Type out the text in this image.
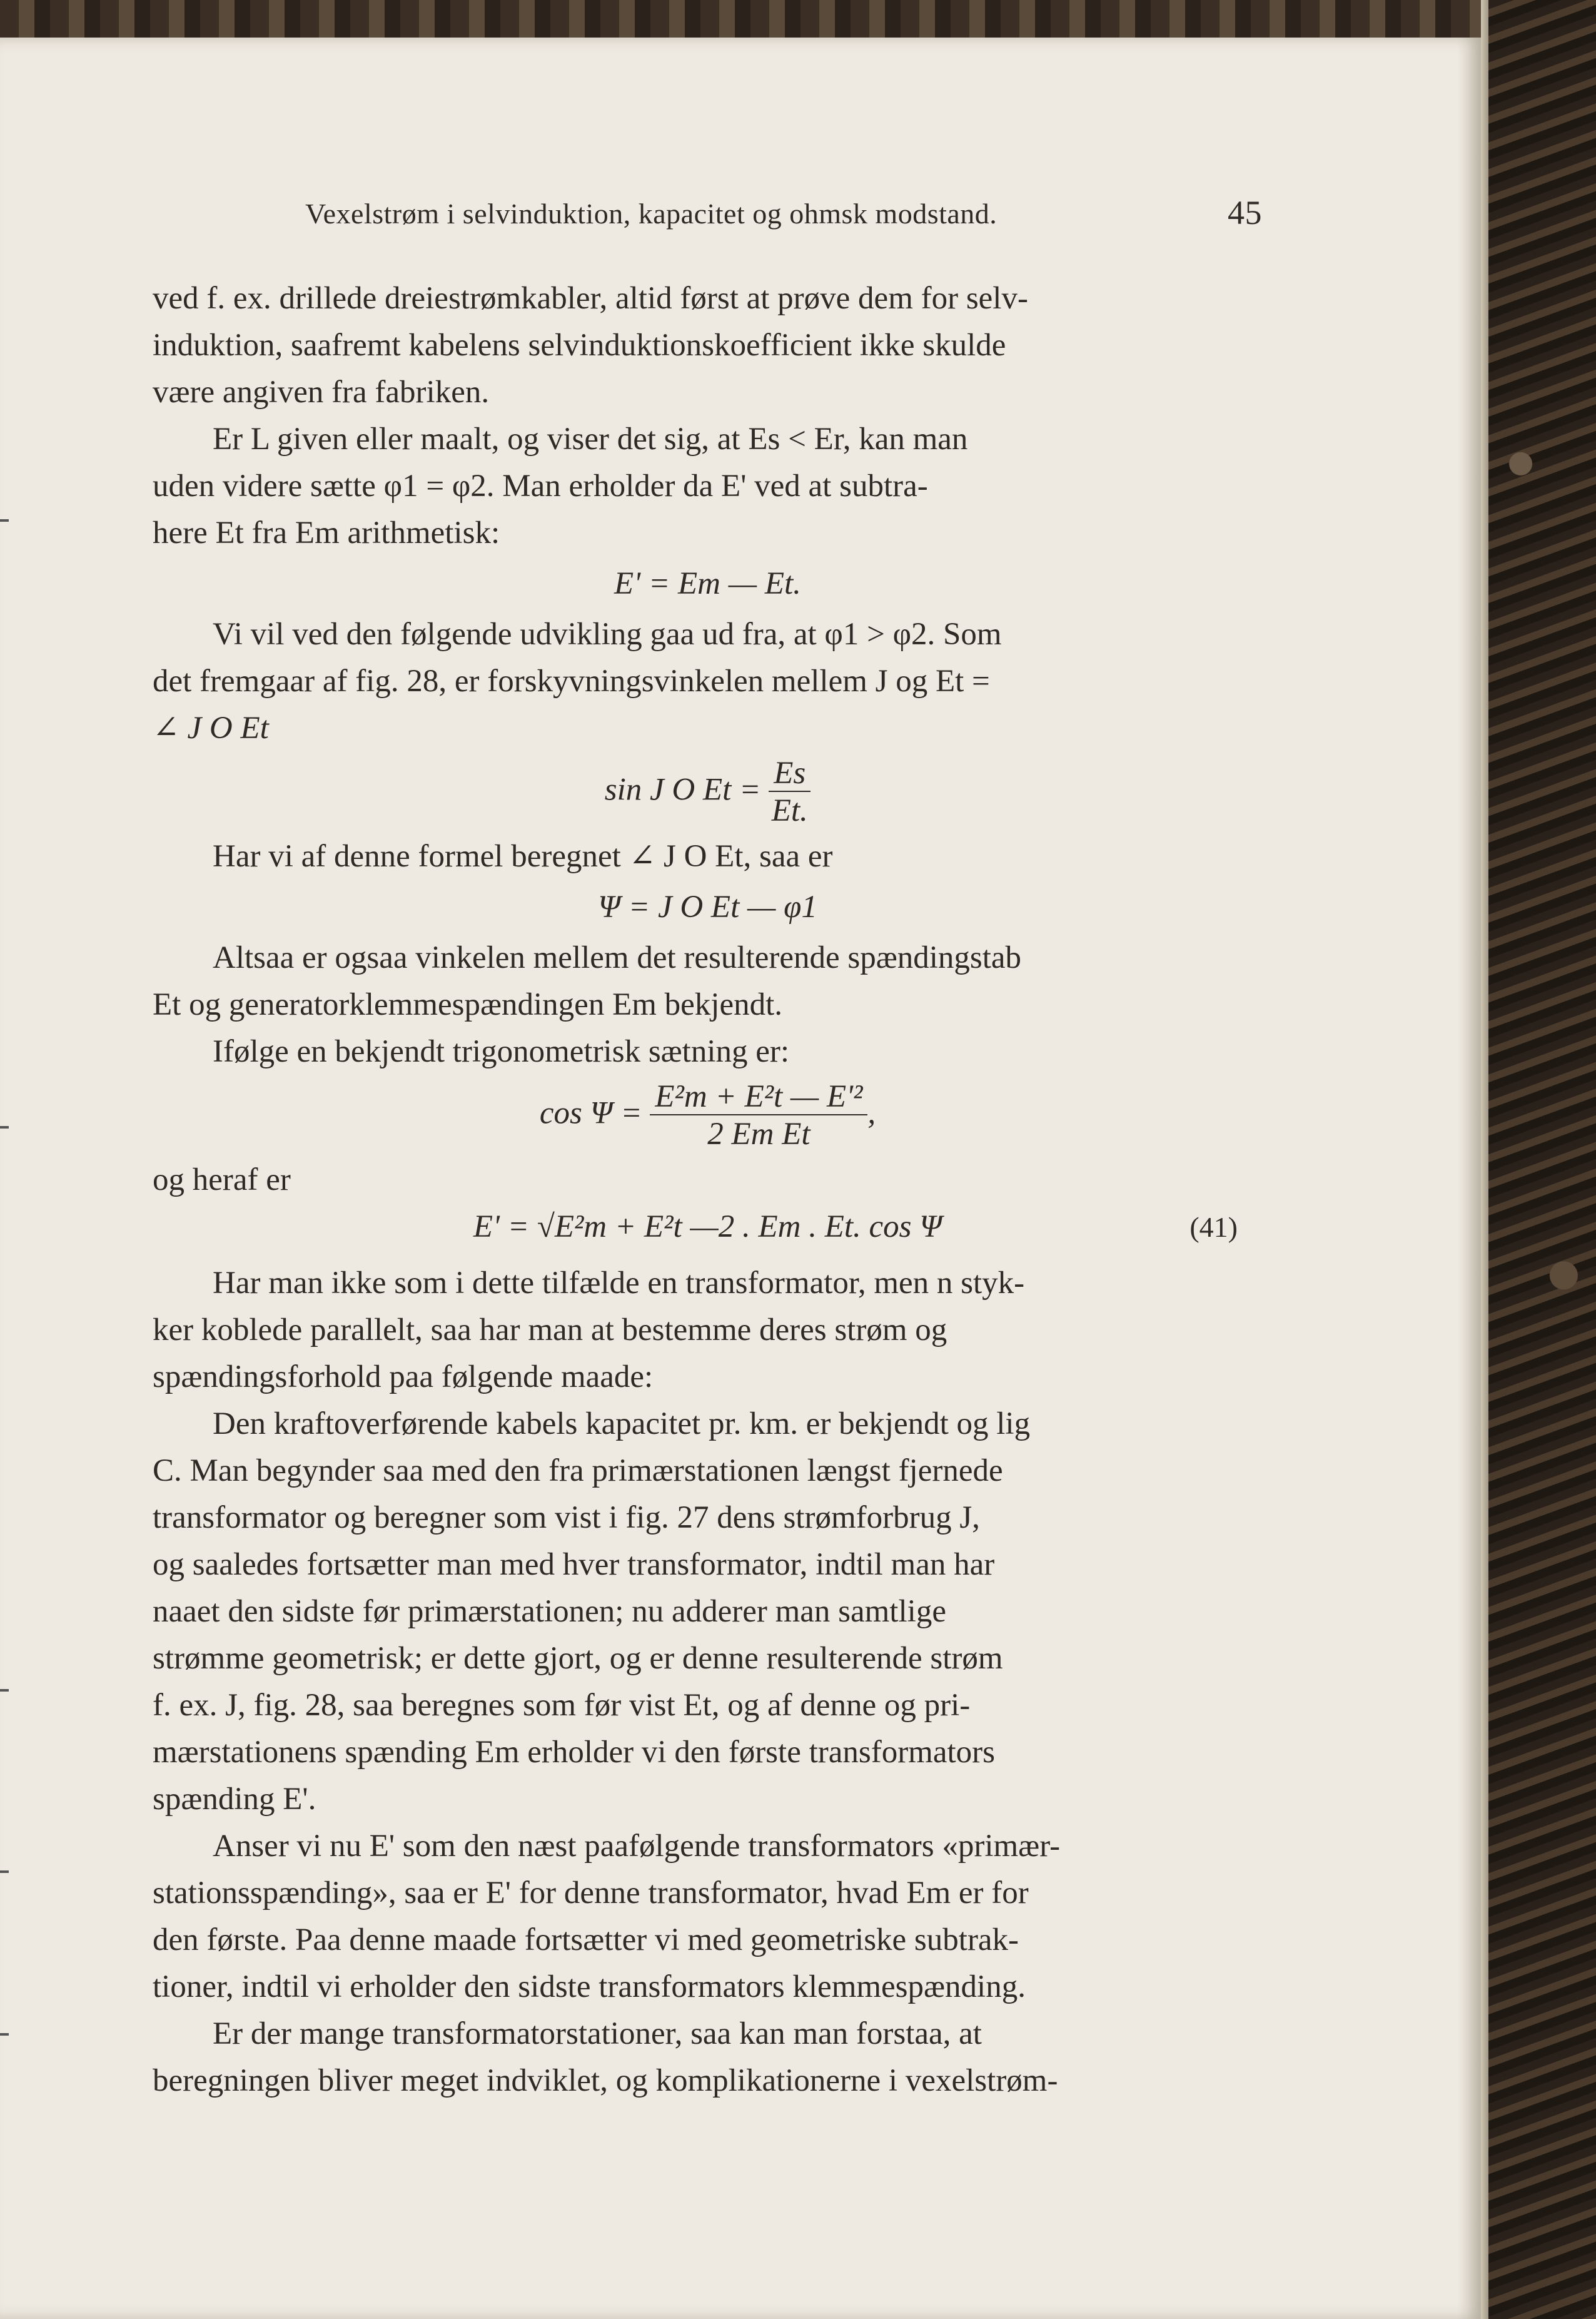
Vexelstrøm i selvinduktion, kapacitet og ohmsk modstand.	45

ved f. ex. drillede dreiestrømkabler, altid først at prøve dem for selv-

induktion, saafremt kabelens selvinduktionskoefficient ikke skulde

være angiven fra fabriken.

Er L given eller maalt, og viser det sig, at Es < Er, kan man

uden videre sætte φ1 = φ2. Man erholder da E' ved at subtra-

here Et fra Em arithmetisk:

E' = Em — Et.

Vi vil ved den følgende udvikling gaa ud fra, at φ1 > φ2. Som

det fremgaar af fig. 28, er forskyvningsvinkelen mellem J og Et =

∠ J O Et

sin J O $Et = \frac{Es}{Et.}$

Har vi af denne formel beregnet ∠ J O Et, saa er

Ψ = J O Et — φ1

Altsaa er ogsaa vinkelen mellem det resulterende spændingstab

Et og generatorklemmespændingen Em bekjendt.

Ifølge en bekjendt trigonometrisk sætning er:

$\cos \Psi = \frac{\text{E²m + E²t — E'²}}{\text{2 Em Et}}$ ,

og heraf er

E' = √E²m + E²t —2 . Em . Et. cos Ψ	(41)

Har man ikke som i dette tilfælde en transformator, men n styk-

ker koblede parallelt, saa har man at bestemme deres strøm og

spændingsforhold paa følgende maade:

Den kraftoverførende kabels kapacitet pr. km. er bekjendt og lig

C. Man begynder saa med den fra primærstationen længst fjernede

transformator og beregner som vist i fig. 27 dens strømforbrug J,

og saaledes fortsætter man med hver transformator, indtil man har

naaet den sidste før primærstationen; nu adderer man samtlige

strømme geometrisk; er dette gjort, og er denne resulterende strøm

f. ex. J, fig. 28, saa beregnes som før vist Et, og af denne og pri-

mærstationens spænding Em erholder vi den første transformators

spænding E'.

Anser vi nu E' som den næst paafølgende transformators «primær-

stationsspænding», saa er E' for denne transformator, hvad Em er for

den første. Paa denne maade fortsætter vi med geometriske subtrak-

tioner, indtil vi erholder den sidste transformators klemmespænding.

Er der mange transformatorstationer, saa kan man forstaa, at

beregningen bliver meget indviklet, og komplikationerne i vexelstrøm-
